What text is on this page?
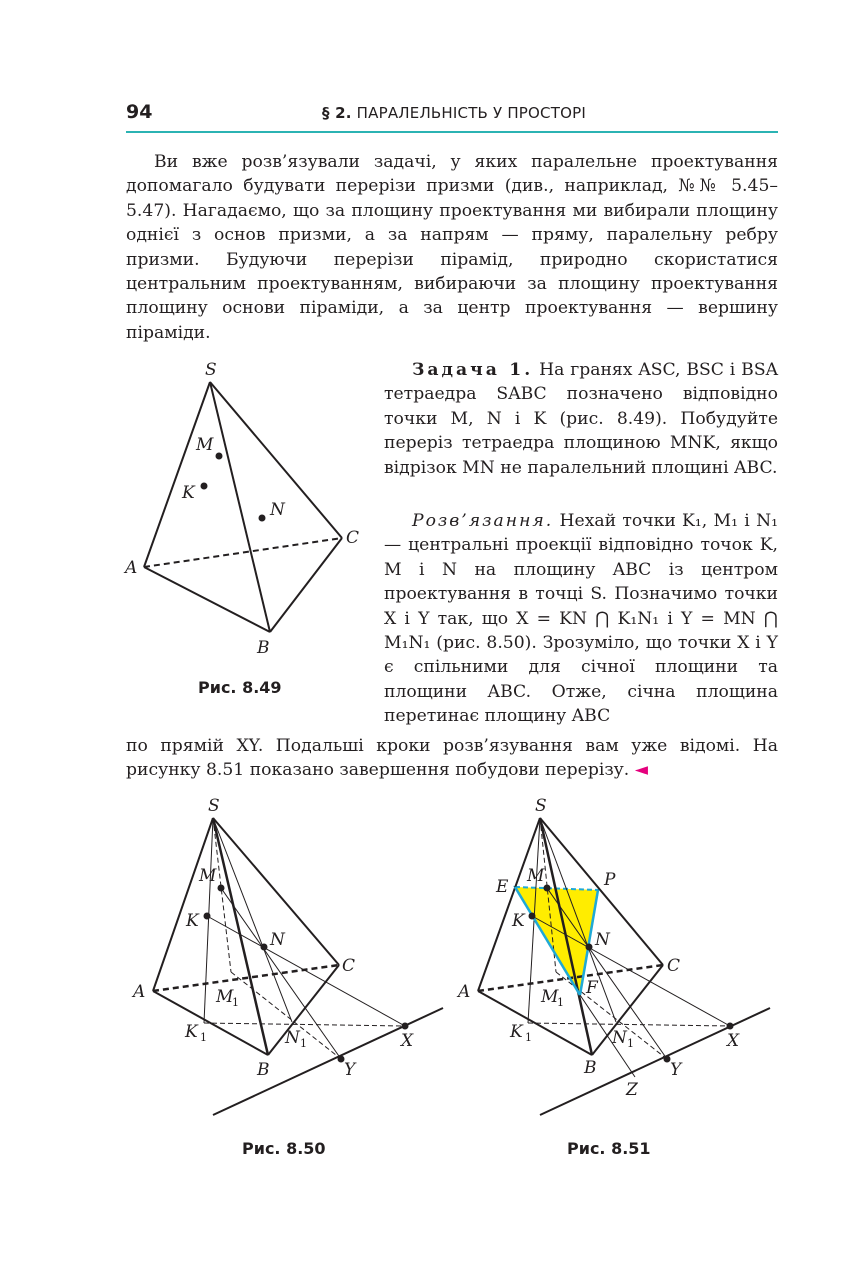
94	§ 2. ПАРАЛЕЛЬНІСТЬ У ПРОСТОРІ

Ви вже розв’язували задачі, у яких паралельне проектування допомагало будувати перерізи призми (див., наприклад, №№ 5.45–5.47). Нагадаємо, що за площину проектування ми вибирали площину однієї з основ призми, а за напрям — пряму, паралельну ребру призми. Будуючи перерізи пірамід, природно скористатися центральним проектуванням, вибираючи за площину проектування площину основи піраміди, а за центр проектування — вершину піраміди.

S
M
K
N
A
C
B
Рис. 8.49

Задача 1. На гранях ASC, BSC і BSA тетраедра SABC позначено відповідно точки M, N і K (рис. 8.49). Побудуйте переріз тетраедра площиною MNK, якщо відрізок MN не паралельний площині ABC.

Розв’язання. Нехай точки K₁, M₁ і N₁ — центральні проекції відповідно точок K, M і N на площину ABC із центром проектування в точці S. Позначимо точки X і Y так, що X = KN ⋂ K₁N₁ і Y = MN ⋂ M₁N₁ (рис. 8.50). Зрозуміло, що точки X і Y є спільними для січної площини та площини ABC. Отже, січна площина перетинає площину ABC

по прямій XY. Подальші кроки розв’язування вам уже відомі. На рисунку 8.51 показано завершення побудови перерізу. ◄

S
M
K
N
C
A	M
1
K 1	N 1	X
B	Y
Рис. 8.50
S
E
M	P
K
N
C
A	M
1
F
K 1	N 1	X
B	Y
Z
Рис. 8.51
